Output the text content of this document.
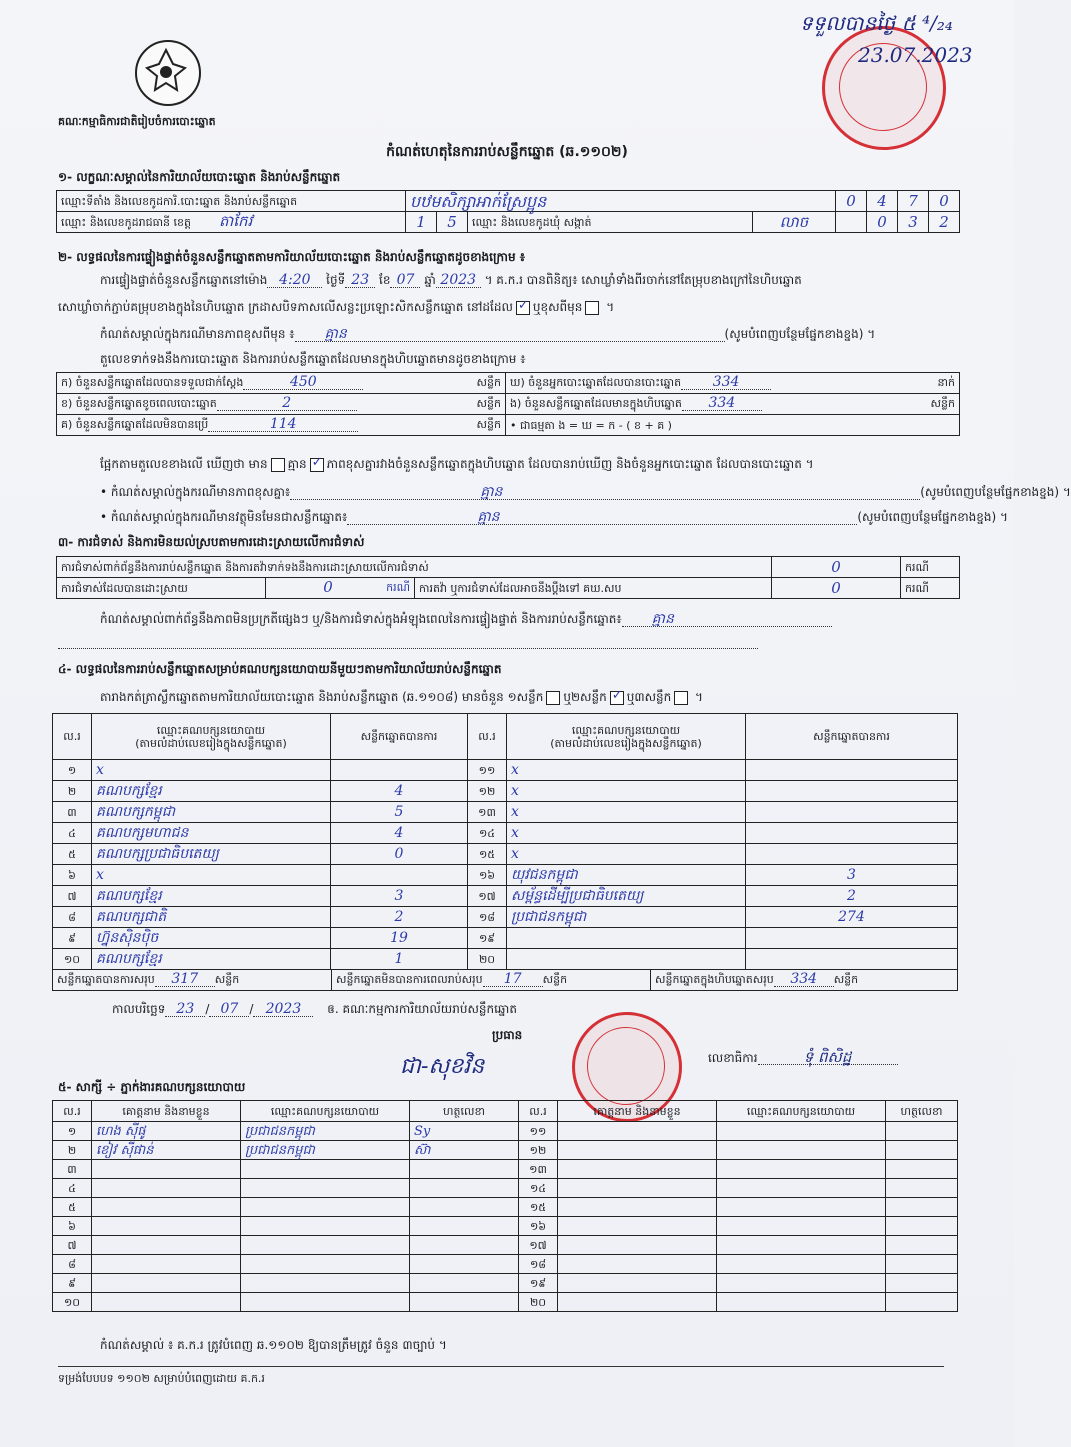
គណៈកម្មាធិការជាតិរៀបចំការបោះឆ្នោត
ទទួលបានថ្ងៃ ៥ ⁴/₂₄
23.07.2023
កំណត់ហេតុនៃការរាប់សន្លឹកឆ្នោត (ឆ.១១០២)
១- លក្ខណៈសម្គាល់នៃការិយាល័យបោះឆ្នោត និងរាប់សន្លឹកឆ្នោត
ឈ្មោះទីតាំង និងលេខកូដការិ.បោះឆ្នោត និងរាប់សន្លឹកឆ្នោត	បឋមសិក្សាអាក់ស្រែប្អូន				0	4	7	0
ឈ្មោះ និងលេខកូដរាជធានី ខេត្ត តាកែវ	1	5	ឈ្មោះ និងលេខកូដឃុំ សង្កាត់	លាច		0	3	2
២- លទ្ធផលនៃការផ្ទៀងផ្ទាត់ចំនួនសន្លឹកឆ្នោតតាមការិយាល័យបោះឆ្នោត និងរាប់សន្លឹកឆ្នោតដូចខាងក្រោម ៖
ការផ្ទៀងផ្ទាត់ចំនួនសន្លឹកឆ្នោតនៅម៉ោង 4:20 ថ្ងៃទី 23 ខែ 07 ឆ្នាំ 2023 ។ គ.ក.រ បានពិនិត្យ៖ សោឃ្លាំទាំងពីរចាក់នៅតែម្រុបខាងក្រៅនៃហិបឆ្នោត
សោឃ្លាំចាក់ភ្ជាប់គម្រុបខាងក្នុងនៃហិបឆ្នោត ក្រដាសបិទភាសលើសន្លះប្រឡោះសិកសន្លឹកឆ្នោត នៅដដែល ✓ ឬខុសពីមុន ។
កំណត់សម្គាល់ក្នុងករណីមានភាពខុសពីមុន ៖ គ្មាន	(សូមបំពេញបន្ថែមផ្នែកខាងខ្នង) ។
តួលេខទាក់ទងនឹងការបោះឆ្នោត និងការរាប់សន្លឹកឆ្នោតដែលមានក្នុងហិបឆ្នោតមានដូចខាងក្រោម ៖
ក) ចំនួនសន្លឹកឆ្នោតដែលបានទទួលជាក់ស្តែង 450 សន្លឹក	ឃ) ចំនួនអ្នកបោះឆ្នោតដែលបានបោះឆ្នោត 334 នាក់

ខ) ចំនួនសន្លឹកឆ្នោតខូចពេលបោះឆ្នោត 2 សន្លឹក	ង) ចំនួនសន្លឹកឆ្នោតដែលមានក្នុងហិបឆ្នោត 334 សន្លឹក

គ) ចំនួនសន្លឹកឆ្នោតដែលមិនបានប្រើ 114 សន្លឹក	• ជាធម្មតា ង = ឃ = ក - ( ខ + គ )
ផ្អែកតាមតួលេខខាងលើ ឃើញថា មាន គ្មាន ✓ ភាពខុសគ្នារវាងចំនួនសន្លឹកឆ្នោតក្នុងហិបឆ្នោត ដែលបានរាប់ឃើញ និងចំនួនអ្នកបោះឆ្នោត ដែលបានបោះឆ្នោត ។
• កំណត់សម្គាល់ក្នុងករណីមានភាពខុសគ្នា៖	គ្មាន	(សូមបំពេញបន្ថែមផ្នែកខាងខ្នង) ។
• កំណត់សម្គាល់ក្នុងករណីមានវត្ថុមិនមែនជាសន្លឹកឆ្នោត៖	គ្មាន	(សូមបំពេញបន្ថែមផ្នែកខាងខ្នង) ។
៣- ការជំទាស់ និងការមិនយល់ស្របតាមការដោះស្រាយលើការជំទាស់
ការជំទាស់ពាក់ព័ន្ធនឹងការរាប់សន្លឹកឆ្នោត និងការតវ៉ាទាក់ទងនឹងការដោះស្រាយលើការជំទាស់			0	ករណី
ការជំទាស់ដែលបានដោះស្រាយ	0 ករណី	ការតវ៉ា ឬការជំទាស់ដែលអាចនឹងប្តឹងទៅ គឃ.សប	0	ករណី
កំណត់សម្គាល់ពាក់ព័ន្ធនឹងភាពមិនប្រក្រតីផ្សេងៗ ឬ/និងការជំទាស់ក្នុងអំឡុងពេលនៃការផ្ទៀងផ្ទាត់ និងការរាប់សន្លឹកឆ្នោត៖ គ្មាន
៤- លទ្ធផលនៃការរាប់សន្លឹកឆ្នោតសម្រាប់គណបក្សនយោបាយនីមួយៗតាមការិយាល័យរាប់សន្លឹកឆ្នោត
តារាងកត់ត្រាស្លឹកឆ្នោតតាមការិយាល័យបោះឆ្នោត និងរាប់សន្លឹកឆ្នោត (ឆ.១១០៨) មានចំនួន ១សន្លឹក ឬ២សន្លឹក ✓ ឬ៣សន្លឹក ។
ល.រ	ឈ្មោះគណបក្សនយោបាយ
(តាមលំដាប់លេខរៀងក្នុងសន្លឹកឆ្នោត)	សន្លឹកឆ្នោតបានការ	ល.រ	ឈ្មោះគណបក្សនយោបាយ
(តាមលំដាប់លេខរៀងក្នុងសន្លឹកឆ្នោត)	សន្លឹកឆ្នោតបានការ
១	x		១១	x	
២	គណបក្សខ្មែរ	4	១២	x	
៣	គណបក្សកម្ពុជា	5	១៣	x	
៤	គណបក្សមហាជន	4	១៤	x	
៥	គណបក្សប្រជាធិបតេយ្យ	0	១៥	x	
៦	x		១៦	យុវជនកម្ពុជា	3
៧	គណបក្សខ្មែរ	3	១៧	សម្ព័ន្ធដើម្បីប្រជាធិបតេយ្យ	2
៨	គណបក្សជាតិ	2	១៨	ប្រជាជនកម្ពុជា	274
៩	ហ្វ៊ុនស៊ិនប៉ិច	19	១៩		
១០	គណបក្សខ្មែរ	1	២០		

សន្លឹកឆ្នោតបានការសរុប 317 សន្លឹក	សន្លឹកឆ្នោតមិនបានការពេលរាប់សរុប 17 សន្លឹក	សន្លឹកឆ្នោតក្នុងហិបឆ្នោតសរុប 334 សន្លឹក
កាលបរិច្ឆេទ 23 / 07 / 2023 ឲ. គណៈកម្មការការិយាល័យរាប់សន្លឹកឆ្នោត
ប្រធាន
ជា-សុខវិន	លេខាធិការ	ទុំ ពិសិដ្ឋ
៥- សាក្សី ÷ ភ្នាក់ងារគណបក្សនយោបាយ
ល.រ	គោត្តនាម និងនាមខ្លួន	ឈ្មោះគណបក្សនយោបាយ	ហត្ថលេខា	ល.រ	គោត្តនាម និងនាមខ្លួន	ឈ្មោះគណបក្សនយោបាយ	ហត្ថលេខា
១	ហេង ស៊ីផូ	ប្រជាជនកម្ពុជា	Sy	១១			
២	ខៀវ ស៊ីផាន់	ប្រជាជនកម្ពុជា	ស៊ា	១២			
៣				១៣			
៤				១៤			
៥				១៥			
៦				១៦			
៧				១៧			
៨				១៨			
៩				១៩			
១០				២០			
កំណត់សម្គាល់ ៖ គ.ក.រ ត្រូវបំពេញ ឆ.១១០២ ឱ្យបានត្រឹមត្រូវ ចំនួន ៣ច្បាប់ ។
ទម្រង់បែបបទ ១១០២ សម្រាប់បំពេញដោយ គ.ក.រ
